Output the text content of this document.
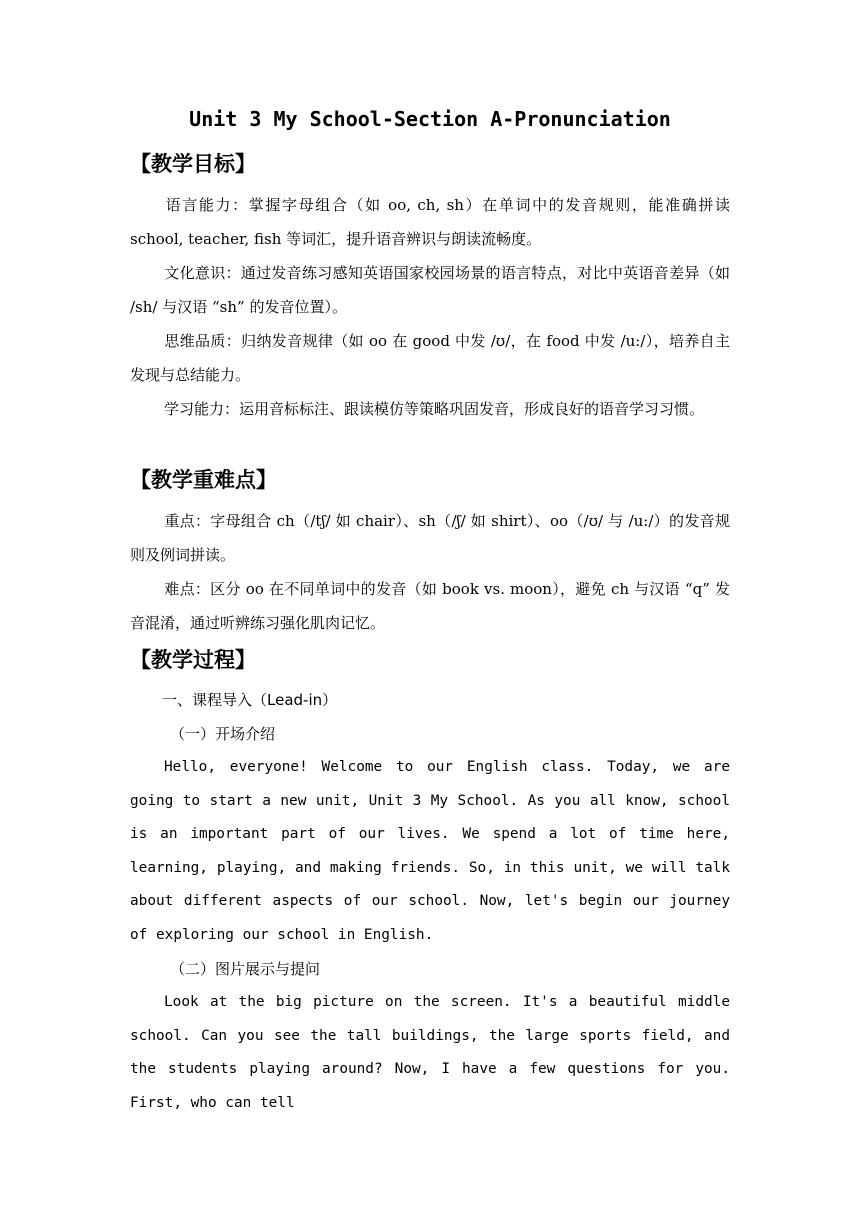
Unit 3 My School-Section A-Pronunciation
【教学目标】
语言能力：掌握字母组合（如 oo, ch, sh）在单词中的发音规则，能准确拼读 school, teacher, fish 等词汇，提升语音辨识与朗读流畅度。
文化意识：通过发音练习感知英语国家校园场景的语言特点，对比中英语音差异（如 /sh/ 与汉语 “sh” 的发音位置）。
思维品质：归纳发音规律（如 oo 在 good 中发 /ʊ/，在 food 中发 /u:/），培养自主发现与总结能力。
学习能力：运用音标标注、跟读模仿等策略巩固发音，形成良好的语音学习习惯。
【教学重难点】
重点：字母组合 ch（/tʃ/ 如 chair）、sh（/ʃ/ 如 shirt）、oo（/ʊ/ 与 /u:/）的发音规则及例词拼读。
难点：区分 oo 在不同单词中的发音（如 book vs. moon），避免 ch 与汉语 “q” 发音混淆，通过听辨练习强化肌肉记忆。
【教学过程】
一、课程导入（Lead-in）
（一）开场介绍
Hello, everyone! Welcome to our English class. Today, we are going to start a new unit, Unit 3 My School. As you all know, school is an important part of our lives. We spend a lot of time here, learning, playing, and making friends. So, in this unit, we will talk about different aspects of our school. Now, let's begin our journey of exploring our school in English.
（二）图片展示与提问
Look at the big picture on the screen. It's a beautiful middle school. Can you see the tall buildings, the large sports field, and the students playing around? Now, I have a few questions for you. First, who can tell
